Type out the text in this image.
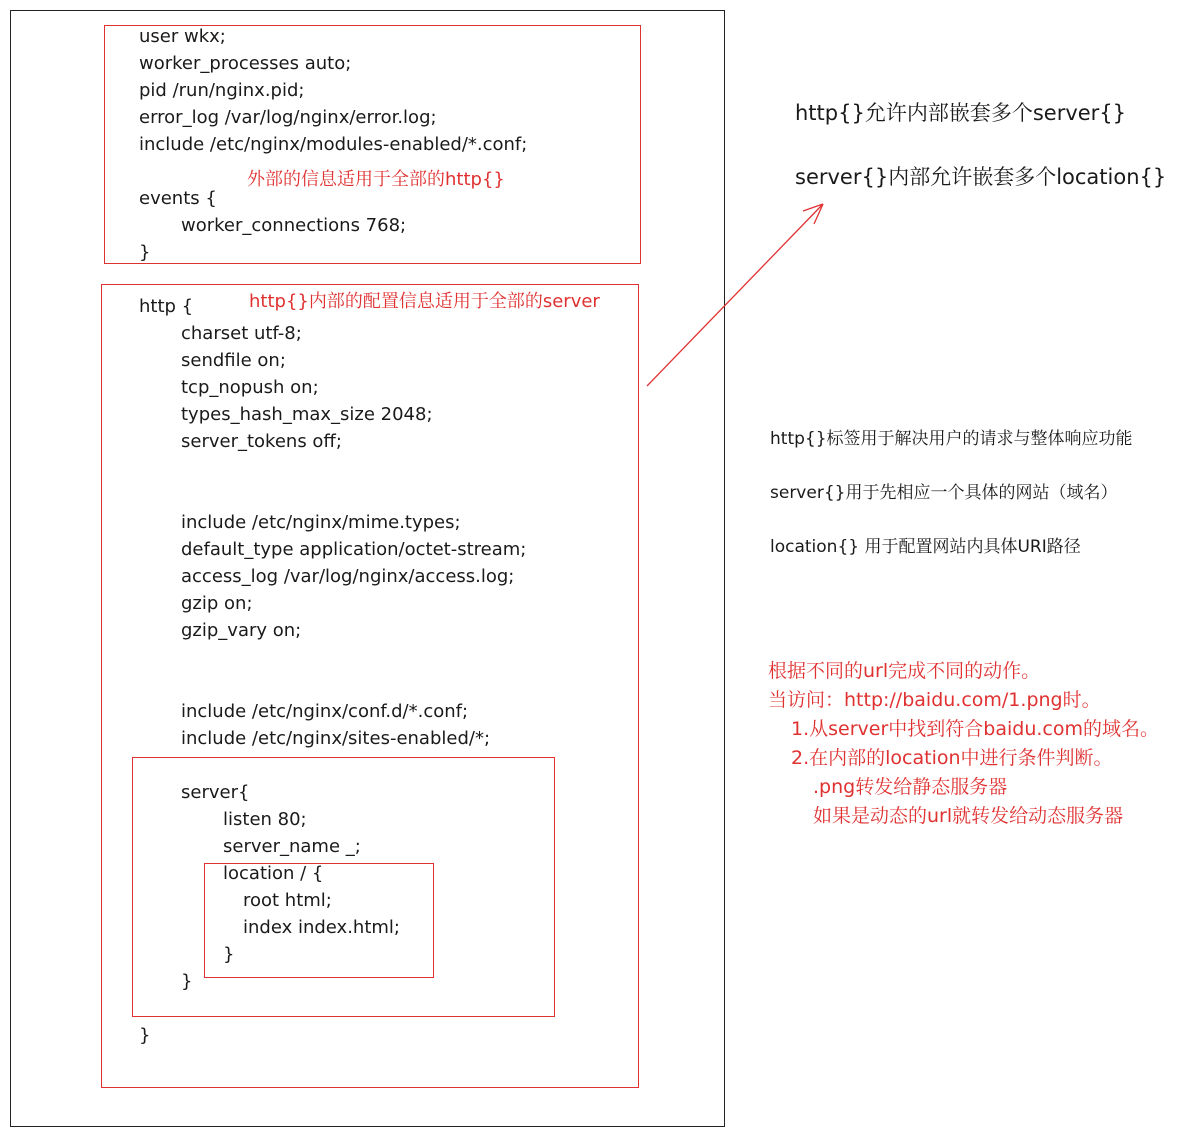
user wkx;
worker_processes auto;
pid /run/nginx.pid;
error_log /var/log/nginx/error.log;
include /etc/nginx/modules-enabled/*.conf;
外部的信息适用于全部的http{}
events {
worker_connections 768;
}
http {	http{}内部的配置信息适用于全部的server
charset utf-8;
sendfile on;
tcp_nopush on;
types_hash_max_size 2048;
server_tokens off;
include /etc/nginx/mime.types;
default_type application/octet-stream;
access_log /var/log/nginx/access.log;
gzip on;
gzip_vary on;
include /etc/nginx/conf.d/*.conf;
include /etc/nginx/sites-enabled/*;
server{
listen 80;
server_name _;
location / {
root html;
index index.html;
}
}
}
http{}允许内部嵌套多个server{}
server{}内部允许嵌套多个location{}
http{}标签用于解决用户的请求与整体响应功能
server{}用于先相应一个具体的网站（域名）
location{} 用于配置网站内具体URI路径
根据不同的url完成不同的动作。
当访问：http://baidu.com/1.png时。
1.从server中找到符合baidu.com的域名。
2.在内部的location中进行条件判断。
.png转发给静态服务器
如果是动态的url就转发给动态服务器
